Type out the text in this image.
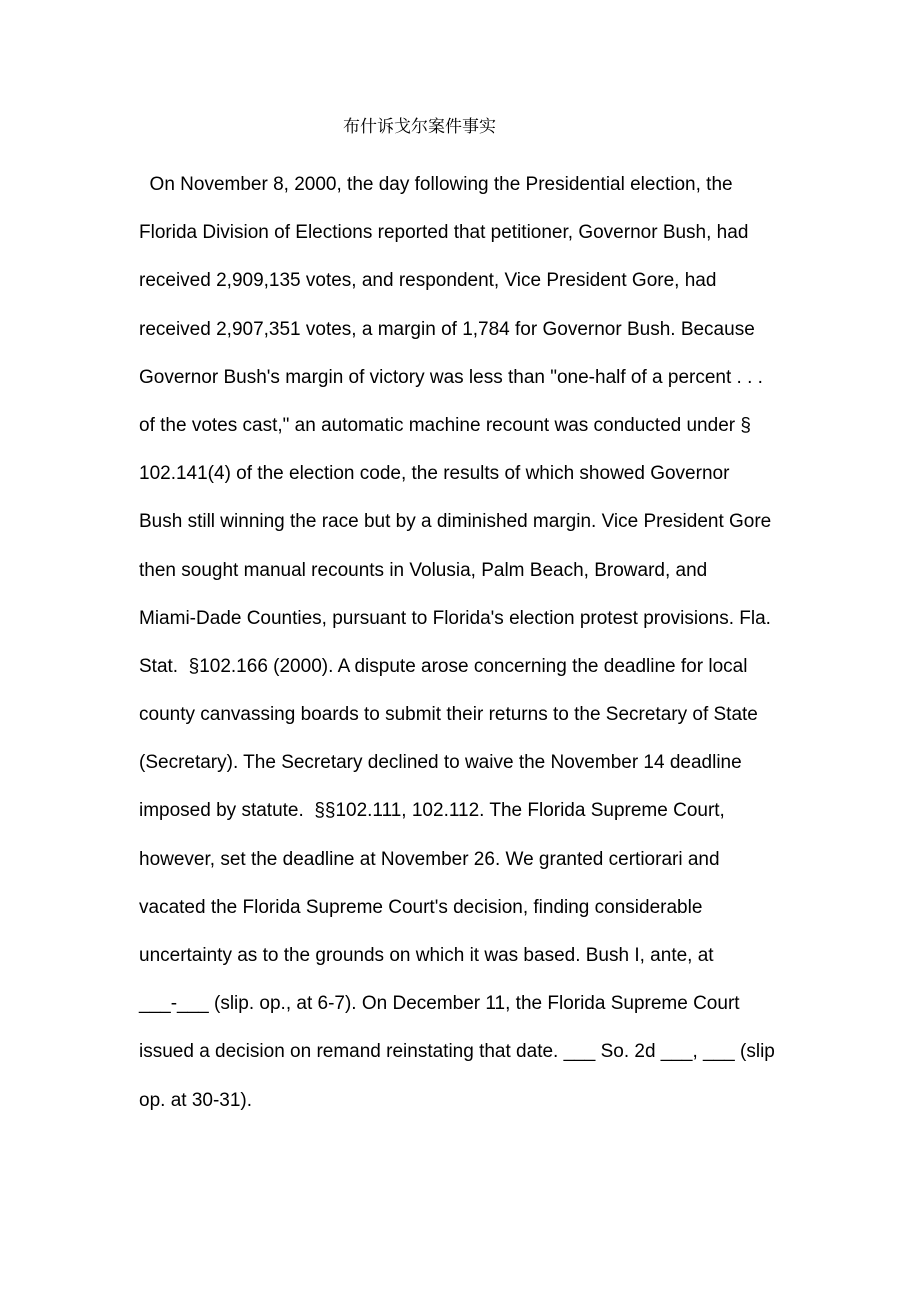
布什诉戈尔案件事实
On November 8, 2000, the day following the Presidential election, the
Florida Division of Elections reported that petitioner, Governor Bush, had
received 2,909,135 votes, and respondent, Vice President Gore, had
received 2,907,351 votes, a margin of 1,784 for Governor Bush. Because
Governor Bush's margin of victory was less than "one-half of a percent . . .
of the votes cast," an automatic machine recount was conducted under §
102.141(4) of the election code, the results of which showed Governor
Bush still winning the race but by a diminished margin. Vice President Gore
then sought manual recounts in Volusia, Palm Beach, Broward, and
Miami-Dade Counties, pursuant to Florida's election protest provisions. Fla.
Stat.  §102.166 (2000). A dispute arose concerning the deadline for local
county canvassing boards to submit their returns to the Secretary of State
(Secretary). The Secretary declined to waive the November 14 deadline
imposed by statute.  §§102.111, 102.112. The Florida Supreme Court,
however, set the deadline at November 26. We granted certiorari and
vacated the Florida Supreme Court's decision, finding considerable
uncertainty as to the grounds on which it was based. Bush I, ante, at
___-___ (slip. op., at 6-7). On December 11, the Florida Supreme Court
issued a decision on remand reinstating that date. ___ So. 2d ___, ___ (slip
op. at 30-31).
